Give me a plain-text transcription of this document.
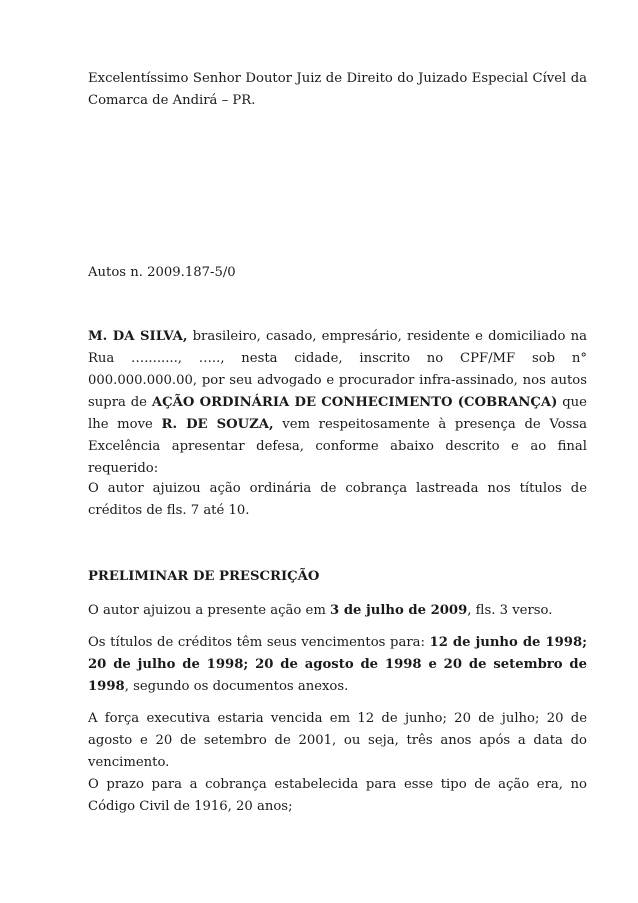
Excelentíssimo Senhor Doutor Juiz de Direito do Juizado Especial Cível da Comarca de Andirá – PR.

Autos n. 2009.187-5/0

M. DA SILVA, brasileiro, casado, empresário, residente e domiciliado na Rua …........, ….., nesta cidade, inscrito no CPF/MF sob n° 000.000.000.00, por seu advogado e procurador infra-assinado, nos autos supra de AÇÃO ORDINÁRIA DE CONHECIMENTO (COBRANÇA) que lhe move R. DE SOUZA, vem respeitosamente à presença de Vossa Excelência apresentar defesa, conforme abaixo descrito e ao final requerido:

O autor ajuizou ação ordinária de cobrança lastreada nos títulos de créditos de fls. 7 até 10.

PRELIMINAR DE PRESCRIÇÃO

O autor ajuizou a presente ação em 3 de julho de 2009, fls. 3 verso.

Os títulos de créditos têm seus vencimentos para: 12 de junho de 1998; 20 de julho de 1998; 20 de agosto de 1998 e 20 de setembro de 1998, segundo os documentos anexos.

A força executiva estaria vencida em 12 de junho; 20 de julho; 20 de agosto e 20 de setembro de 2001, ou seja, três anos após a data do vencimento.

O prazo para a cobrança estabelecida para esse tipo de ação era, no Código Civil de 1916, 20 anos;
